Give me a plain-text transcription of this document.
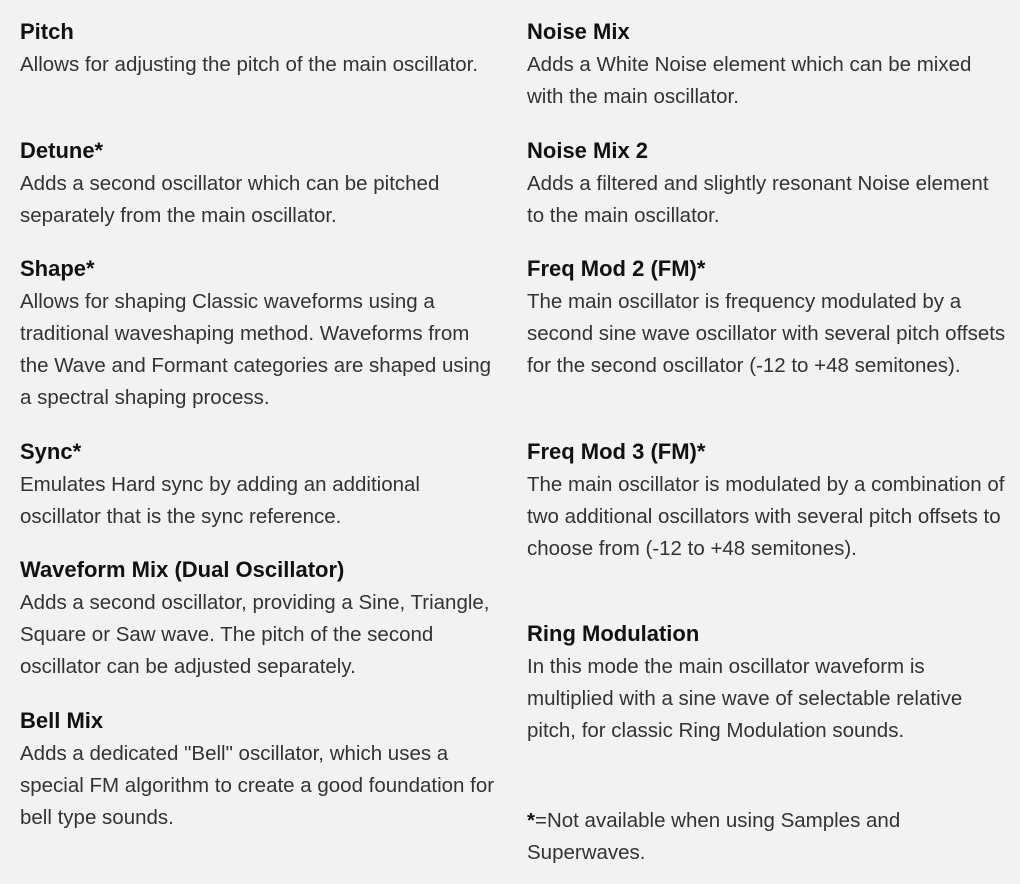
Pitch

Allows for adjusting the pitch of the main oscillator.

Detune*

Adds a second oscillator which can be pitched separately from the main oscillator.

Shape*

Allows for shaping Classic waveforms using a traditional waveshaping method. Waveforms from the Wave and Formant categories are shaped using a spectral shaping process.

Sync*

Emulates Hard sync by adding an additional oscillator that is the sync reference.

Waveform Mix (Dual Oscillator)

Adds a second oscillator, providing a Sine, Triangle, Square or Saw wave. The pitch of the second oscillator can be adjusted separately.

Bell Mix

Adds a dedicated "Bell" oscillator, which uses a special FM algorithm to create a good foundation for bell type sounds.

Noise Mix

Adds a White Noise element which can be mixed with the main oscillator.

Noise Mix 2

Adds a filtered and slightly resonant Noise element to the main oscillator.

Freq Mod 2 (FM)*

The main oscillator is frequency modulated by a second sine wave oscillator with several pitch offsets for the second oscillator (-12 to +48 semitones).

Freq Mod 3 (FM)*

The main oscillator is modulated by a combination of two additional oscillators with several pitch offsets to choose from (-12 to +48 semitones).

Ring Modulation

In this mode the main oscillator waveform is multiplied with a sine wave of selectable relative pitch, for classic Ring Modulation sounds.

*=Not available when using Samples and Superwaves.
